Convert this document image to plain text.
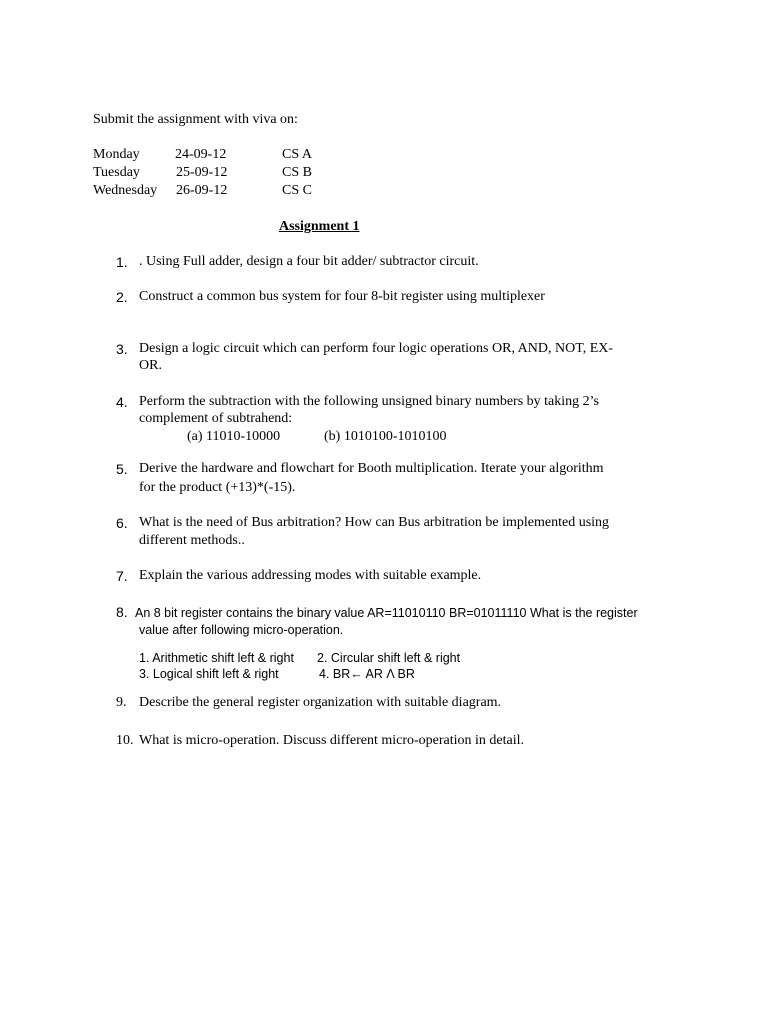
Submit the assignment with viva on:
Monday	24-09-12	CS A
Tuesday	25-09-12	CS B
Wednesday 26-09-12	CS C
Assignment 1
1. . Using Full adder, design a four bit adder/ subtractor circuit.
2. Construct a common bus system for four 8-bit register using multiplexer
3. Design a logic circuit which can perform four logic operations OR, AND, NOT, EX-
OR.
4. Perform the subtraction with the following unsigned binary numbers by taking 2’s
complement of subtrahend:
(a) 11010-10000	(b) 1010100-1010100
5. Derive the hardware and flowchart for Booth multiplication. Iterate your algorithm
for the product (+13)*(-15).
6. What is the need of Bus arbitration? How can Bus arbitration be implemented using
different methods..
7. Explain the various addressing modes with suitable example.
8. An 8 bit register contains the binary value AR=11010110 BR=01011110 What is the register
value after following micro-operation.
1. Arithmetic shift left & right 2. Circular shift left & right
3. Logical shift left & right	4. BR← AR Λ BR
9. Describe the general register organization with suitable diagram.
10. What is micro-operation. Discuss different micro-operation in detail.
